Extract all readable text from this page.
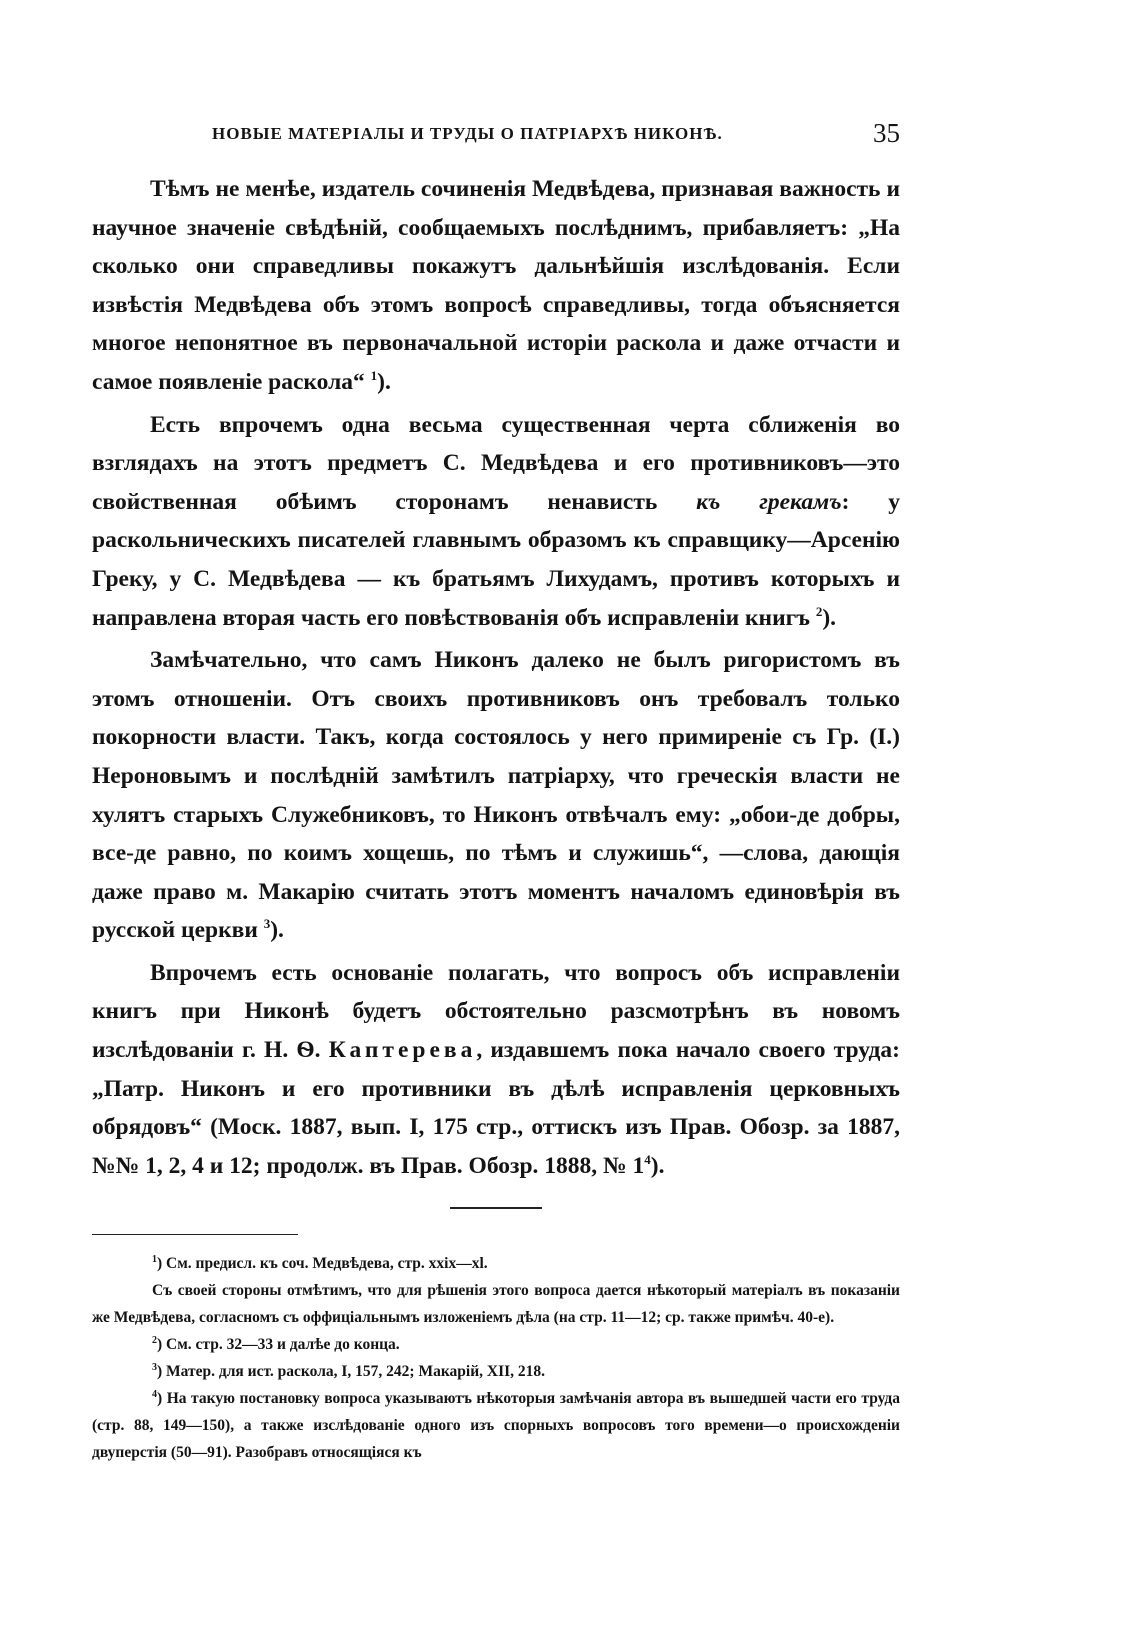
НОВЫЕ МАТЕРІАЛЫ И ТРУДЫ О ПАТРІАРХѢ НИКОНѢ.	35

Тѣмъ не менѣе, издатель сочиненія Медвѣдева, признавая важность и научное значеніе свѣдѣній, сообщаемыхъ послѣднимъ, прибавляетъ: „На сколько они справедливы покажутъ дальнѣйшія изслѣдованія. Если извѣстія Медвѣдева объ этомъ вопросѣ справедливы, тогда объясняется многое непонятное въ первоначальной исторіи раскола и даже отчасти и самое появленіе раскола“ $^1$).

Есть впрочемъ одна весьма существенная черта сближенія во взглядахъ на этотъ предметъ С. Медвѣдева и его противниковъ—это свойственная обѣимъ сторонамъ ненависть къ грекамъ: у раскольническихъ писателей главнымъ образомъ къ справщику—Арсенію Греку, у С. Медвѣдева — къ братьямъ Лихудамъ, противъ которыхъ и направлена вторая часть его повѣствованія объ исправленіи книгъ $^2$).

Замѣчательно, что самъ Никонъ далеко не былъ ригористомъ въ этомъ отношеніи. Отъ своихъ противниковъ онъ требовалъ только покорности власти. Такъ, когда состоялось у него примиреніе съ Гр. (І.) Нероновымъ и послѣдній замѣтилъ патріарху, что греческія власти не хулятъ старыхъ Служебниковъ, то Никонъ отвѣчалъ ему: „обои-де добры, все-де равно, по коимъ хощешь, по тѣмъ и служишь“, —слова, дающія даже право м. Макарію считать этотъ моментъ началомъ единовѣрія въ русской церкви $^3$).

Впрочемъ есть основаніе полагать, что вопросъ объ исправленіи книгъ при Никонѣ будетъ обстоятельно разсмотрѣнъ въ новомъ изслѣдованіи г. Н. Ѳ. Каптерева, издавшемъ пока начало своего труда: „Патр. Никонъ и его противники въ дѣлѣ исправленія церковныхъ обрядовъ“ (Моск. 1887, вып. І, 175 стр., оттискъ изъ Прав. Обозр. за 1887, №№ 1, 2, 4 и 12; продолж. въ Прав. Обозр. 1888, № $1^4$).

$^1$) См. предисл. къ соч. Медвѣдева, стр. xxix—xl.

Съ своей стороны отмѣтимъ, что для рѣшенія этого вопроса дается нѣкоторый матеріалъ въ показаніи же Медвѣдева, согласномъ съ оффиціальнымъ изложеніемъ дѣла (на стр. 11—12; ср. также примѣч. 40-е).

$^2$) См. стр. 32—33 и далѣе до конца.

$^3$) Матер. для ист. раскола, І, 157, 242; Макарій, XII, 218.

$^4$) На такую постановку вопроса указываютъ нѣкоторыя замѣчанія автора въ вышедшей части его труда (стр. 88, 149—150), а также изслѣдованіе одного изъ спорныхъ вопросовъ того времени—о происхожденіи двуперстія (50—91). Разобравъ относящіяся къ
